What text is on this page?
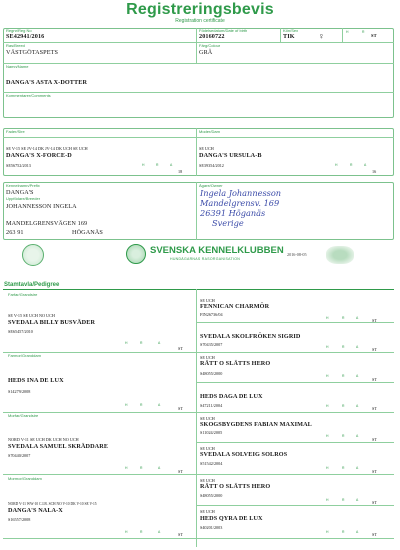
Registreringsbevis
Registration certificate
Regnr/Reg No
SE42941/2016
Födelsedatum/Date of birth
20160722
Kön/Sex
TIK	♀	H	R
ST
Ras/Breed
VÄSTGÖTASPETS
Färg/Colour
GRÅ
Namn/Name
DANGA'S ASTA X-DOTTER
Kommentarer/Comments
Fader/Sire
SE V-15 SE JV-14 DK JV-14 DK UCH SE UCH
DANGA'S X-FORCE-D
SE56752/2013	H	R	A
18
Moder/Dam
SE UCH
DANGA'S URSULA-B
SE39354/2012	H	R	A
16
Kennelnamn/Prefix
DANGA'S
Uppfödare/Breeder
JOHANNESSON INGELA
MANDELGRENSVÄGEN 169
263 91	HÖGANÄS
Ägare/Owner
Ingela Johannesson
Mandelgrensv. 169
26391 Höganäs
Sverige
SVENSKA KENNELKLUBBEN
HUNDÄGARNAS RASORGANISATION
2016-08-05
Stamtavla/Pedigree
Farfar/Grandsire
SE V-15 SE UCH NO UCH
SVEDALA BILLY BUSVÄDER
SE65457/2010
H	R	A
ST
SE UCH
FENNICAN CHARMÖR
FIN26736/04
H	R	A	ST
SVEDALA SKOLFRÖKEN SIGRID
S70435/2007	H	R	A	ST
Farmor/Granddam
HEDS INA DE LUX
S14279/2008
H	R	A
ST
SE UCH
RÄTT O SLÄTTS HERO
S48055/2000	H	R	A
ST
HEDS DAGA DE LUX
S47211/2004	H	R	A	ST
Morfar/Grandsire
NORD V-11 SE UCH DK UCH NO UCH
SVEDALA SAMUEL SKRÄDDARE
S70440/2007
H	R	A
ST
SE UCH
SKOGSBYGDENS FABIAN MAXIMAL
S11024/2005
H	R	A
ST
SE UCH
SVEDALA SOLVEIG SOLROS
S51542/2004
H	R	A
ST
Mormor/Granddam
NORD V-11 WW-10 C.I.B. SCH NO V-10 DK V-10 SE V-15
DANGA'S NALA-X
S16557/2008
H	R	A	ST
SE UCH
RÄTT O SLÄTTS HERO
S48055/2000
H	R	A	ST
SE UCH
HEDS QYRA DE LUX
S40201/2003
H	R	A	ST
